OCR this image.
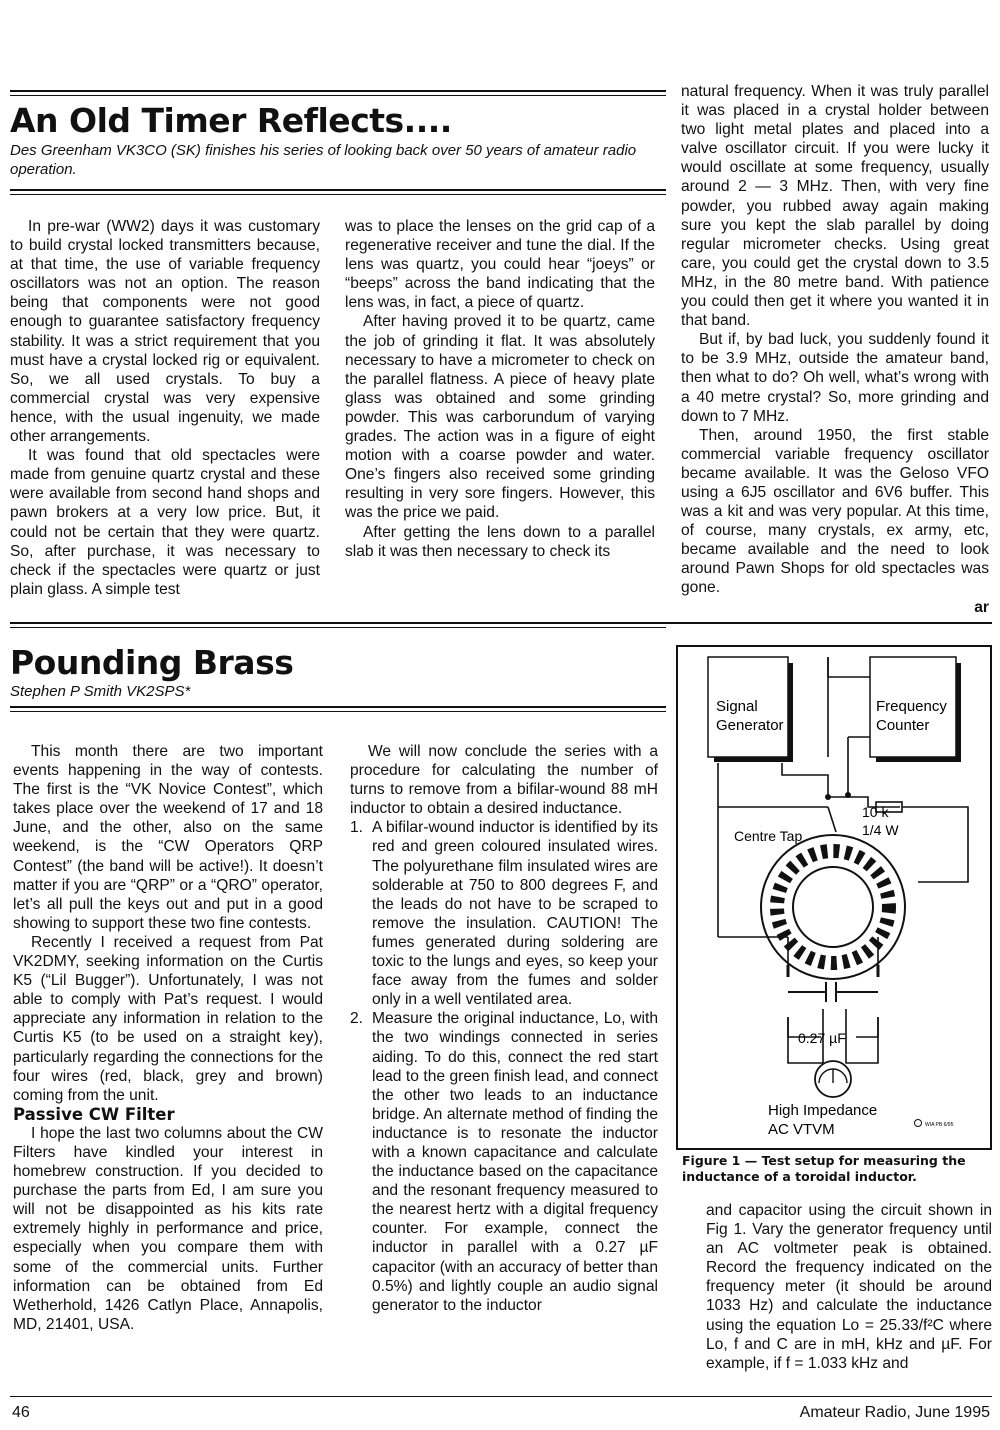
An Old Timer Reflects....
Des Greenham VK3CO (SK) finishes his series of looking back over 50 years of amateur radio operation.

In pre-war (WW2) days it was customary to build crystal locked transmitters because, at that time, the use of variable frequency oscillators was not an option. The reason being that components were not good enough to guarantee satisfactory frequency stability. It was a strict requirement that you must have a crystal locked rig or equivalent. So, we all used crystals. To buy a commercial crystal was very expensive hence, with the usual ingenuity, we made other arrangements.

It was found that old spectacles were made from genuine quartz crystal and these were available from second hand shops and pawn brokers at a very low price. But, it could not be certain that they were quartz. So, after purchase, it was necessary to check if the spectacles were quartz or just plain glass. A simple test

was to place the lenses on the grid cap of a regenerative receiver and tune the dial. If the lens was quartz, you could hear “joeys” or “beeps” across the band indicating that the lens was, in fact, a piece of quartz.

After having proved it to be quartz, came the job of grinding it flat. It was absolutely necessary to have a micrometer to check on the parallel flatness. A piece of heavy plate glass was obtained and some grinding powder. This was carborundum of varying grades. The action was in a figure of eight motion with a coarse powder and water. One’s fingers also received some grinding resulting in very sore fingers. However, this was the price we paid.

After getting the lens down to a parallel slab it was then necessary to check its

natural frequency. When it was truly parallel it was placed in a crystal holder between two light metal plates and placed into a valve oscillator circuit. If you were lucky it would oscillate at some frequency, usually around 2 — 3 MHz. Then, with very fine powder, you rubbed away again making sure you kept the slab parallel by doing regular micrometer checks. Using great care, you could get the crystal down to 3.5 MHz, in the 80 metre band. With patience you could then get it where you wanted it in that band.

But if, by bad luck, you suddenly found it to be 3.9 MHz, outside the amateur band, then what to do? Oh well, what’s wrong with a 40 metre crystal? So, more grinding and down to 7 MHz.

Then, around 1950, the first stable commercial variable frequency oscillator became available. It was the Geloso VFO using a 6J5 oscillator and 6V6 buffer. This was a kit and was very popular. At this time, of course, many crystals, ex army, etc, became available and the need to look around Pawn Shops for old spectacles was gone.

ar

Pounding Brass
Stephen P Smith VK2SPS*

This month there are two important events happening in the way of contests. The first is the “VK Novice Contest”, which takes place over the weekend of 17 and 18 June, and the other, also on the same weekend, is the “CW Operators QRP Contest” (the band will be active!). It doesn’t matter if you are “QRP” or a “QRO” operator, let’s all pull the keys out and put in a good showing to support these two fine contests.

Recently I received a request from Pat VK2DMY, seeking information on the Curtis K5 (“Lil Bugger”). Unfortunately, I was not able to comply with Pat’s request. I would appreciate any information in relation to the Curtis K5 (to be used on a straight key), particularly regarding the connections for the four wires (red, black, grey and brown) coming from the unit.

Passive CW Filter

I hope the last two columns about the CW Filters have kindled your interest in homebrew construction. If you decided to purchase the parts from Ed, I am sure you will not be disappointed as his kits rate extremely highly in performance and price, especially when you compare them with some of the commercial units. Further information can be obtained from Ed Wetherhold, 1426 Catlyn Place, Annapolis, MD, 21401, USA.

We will now conclude the series with a procedure for calculating the number of turns to remove from a bifilar-wound 88 mH inductor to obtain a desired inductance.

1. A bifilar-wound inductor is identified by its red and green coloured insulated wires. The polyurethane film insulated wires are solderable at 750 to 800 degrees F, and the leads do not have to be scraped to remove the insulation. CAUTION! The fumes generated during soldering are toxic to the lungs and eyes, so keep your face away from the fumes and solder only in a well ventilated area.
2. Measure the original inductance, Lo, with the two windings connected in series aiding. To do this, connect the red start lead to the green finish lead, and connect the other two leads to an inductance bridge. An alternate method of finding the inductance is to resonate the inductor with a known capacitance and calculate the inductance based on the capacitance and the resonant frequency measured to the nearest hertz with a digital frequency counter. For example, connect the inductor in parallel with a 0.27 µF capacitor (with an accuracy of better than 0.5%) and lightly couple an audio signal generator to the inductor
Signal
Generator
Frequency
Counter
0.27 µF
High Impedance
AC VTVM
10 k
1/4 W
Centre Tap
WIA PB 6/95
Figure 1 — Test setup for measuring the inductance of a toroidal inductor.

and capacitor using the circuit shown in Fig 1. Vary the generator frequency until an AC voltmeter peak is obtained. Record the frequency indicated on the frequency meter (it should be around 1033 Hz) and calculate the inductance using the equation Lo = 25.33/f²C where Lo, f and C are in mH, kHz and µF. For example, if f = 1.033 kHz and

46	Amateur Radio, June 1995
